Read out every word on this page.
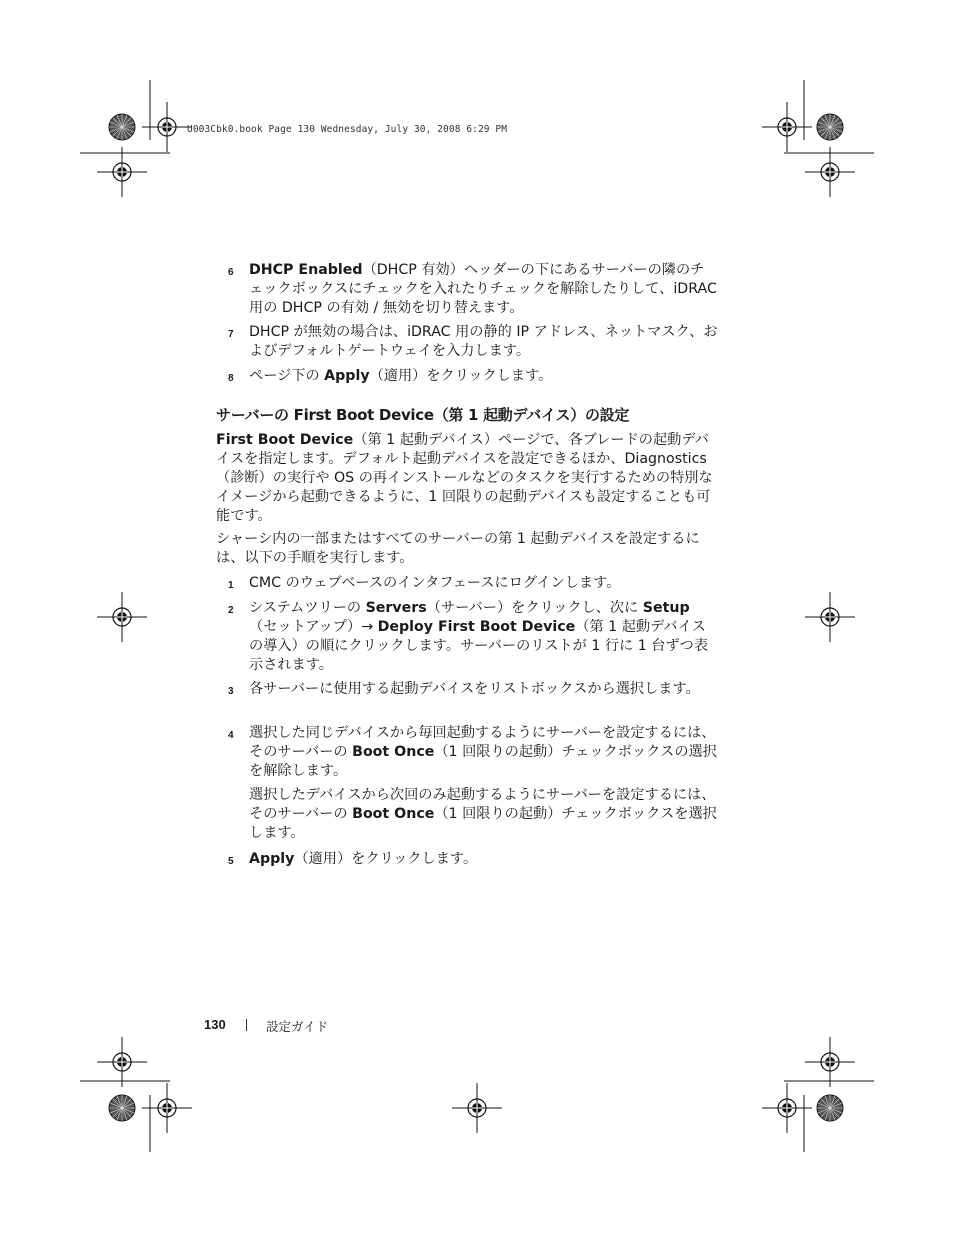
U003Cbk0.book Page 130 Wednesday, July 30, 2008 6:29 PM
6 DHCP Enabled（DHCP 有効）ヘッダーの下にあるサーバーの隣のチェックボックスにチェックを入れたりチェックを解除したりして、iDRAC 用の DHCP の有効 / 無効を切り替えます。
7 DHCP が無効の場合は、iDRAC 用の静的 IP アドレス、ネットマスク、およびデフォルトゲートウェイを入力します。
8 ページ下の Apply（適用）をクリックします。
サーバーの First Boot Device（第 1 起動デバイス）の設定
First Boot Device（第 1 起動デバイス）ページで、各ブレードの起動デバイスを指定します。デフォルト起動デバイスを設定できるほか、Diagnostics（診断）の実行や OS の再インストールなどのタスクを実行するための特別なイメージから起動できるように、1 回限りの起動デバイスも設定することも可能です。
シャーシ内の一部またはすべてのサーバーの第 1 起動デバイスを設定するには、以下の手順を実行します。
1 CMC のウェブベースのインタフェースにログインします。
2 システムツリーの Servers（サーバー）をクリックし、次に Setup（セットアップ）→ Deploy First Boot Device（第 1 起動デバイスの導入）の順にクリックします。サーバーのリストが 1 行に 1 台ずつ表示されます。
3 各サーバーに使用する起動デバイスをリストボックスから選択します。
4 選択した同じデバイスから毎回起動するようにサーバーを設定するには、そのサーバーの Boot Once（1 回限りの起動）チェックボックスの選択を解除します。
選択したデバイスから次回のみ起動するようにサーバーを設定するには、そのサーバーの Boot Once（1 回限りの起動）チェックボックスを選択します。
5 Apply（適用）をクリックします。
130	設定ガイド
